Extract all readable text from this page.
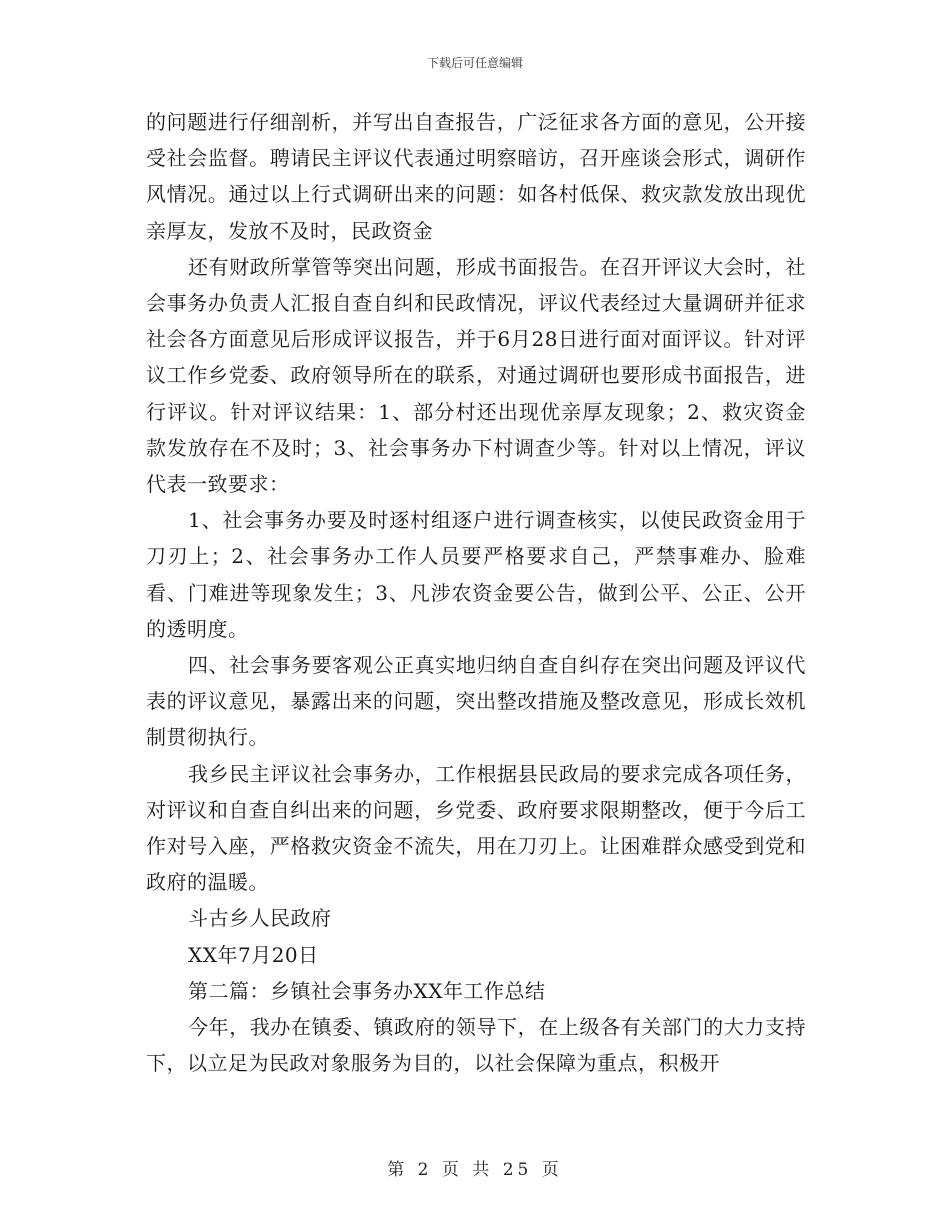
下载后可任意编辑

的问题进行仔细剖析，并写出自查报告，广泛征求各方面的意见，公开接受社会监督。聘请民主评议代表通过明察暗访，召开座谈会形式，调研作风情况。通过以上行式调研出来的问题：如各村低保、救灾款发放出现优亲厚友，发放不及时，民政资金

还有财政所掌管等突出问题，形成书面报告。在召开评议大会时，社会事务办负责人汇报自查自纠和民政情况，评议代表经过大量调研并征求社会各方面意见后形成评议报告，并于6月28日进行面对面评议。针对评议工作乡党委、政府领导所在的联系，对通过调研也要形成书面报告，进行评议。针对评议结果：1、部分村还出现优亲厚友现象；2、救灾资金款发放存在不及时；3、社会事务办下村调查少等。针对以上情况，评议代表一致要求：

1、社会事务办要及时逐村组逐户进行调查核实，以使民政资金用于刀刃上；2、社会事务办工作人员要严格要求自己，严禁事难办、脸难看、门难进等现象发生；3、凡涉农资金要公告，做到公平、公正、公开的透明度。

四、社会事务要客观公正真实地归纳自查自纠存在突出问题及评议代表的评议意见，暴露出来的问题，突出整改措施及整改意见，形成长效机制贯彻执行。

我乡民主评议社会事务办，工作根据县民政局的要求完成各项任务，对评议和自查自纠出来的问题，乡党委、政府要求限期整改，便于今后工作对号入座，严格救灾资金不流失，用在刀刃上。让困难群众感受到党和政府的温暖。

斗古乡人民政府

XX年7月20日

第二篇：乡镇社会事务办XX年工作总结

今年，我办在镇委、镇政府的领导下，在上级各有关部门的大力支持下，以立足为民政对象服务为目的，以社会保障为重点，积极开

第 2 页 共 25 页
